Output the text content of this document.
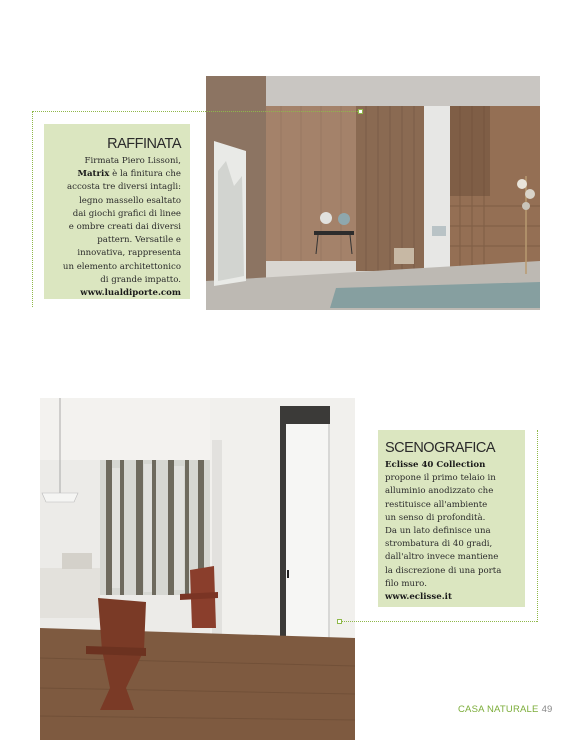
RAFFINATA

Firmata Piero Lissoni,
Matrix è la finitura che
accosta tre diversi intagli:
legno massello esaltato
dai giochi grafici di linee
e ombre creati dai diversi
pattern. Versatile e
innovativa, rappresenta
un elemento architettonico
di grande impatto.
www.lualdiporte.com

SCENOGRAFICA

Eclisse 40 Collection
propone il primo telaio in
alluminio anodizzato che
restituisce all'ambiente
un senso di profondità.
Da un lato definisce una
strombatura di 40 gradi,
dall'altro invece mantiene
la discrezione di una porta
filo muro.
www.eclisse.it

CASA NATURALE 49
